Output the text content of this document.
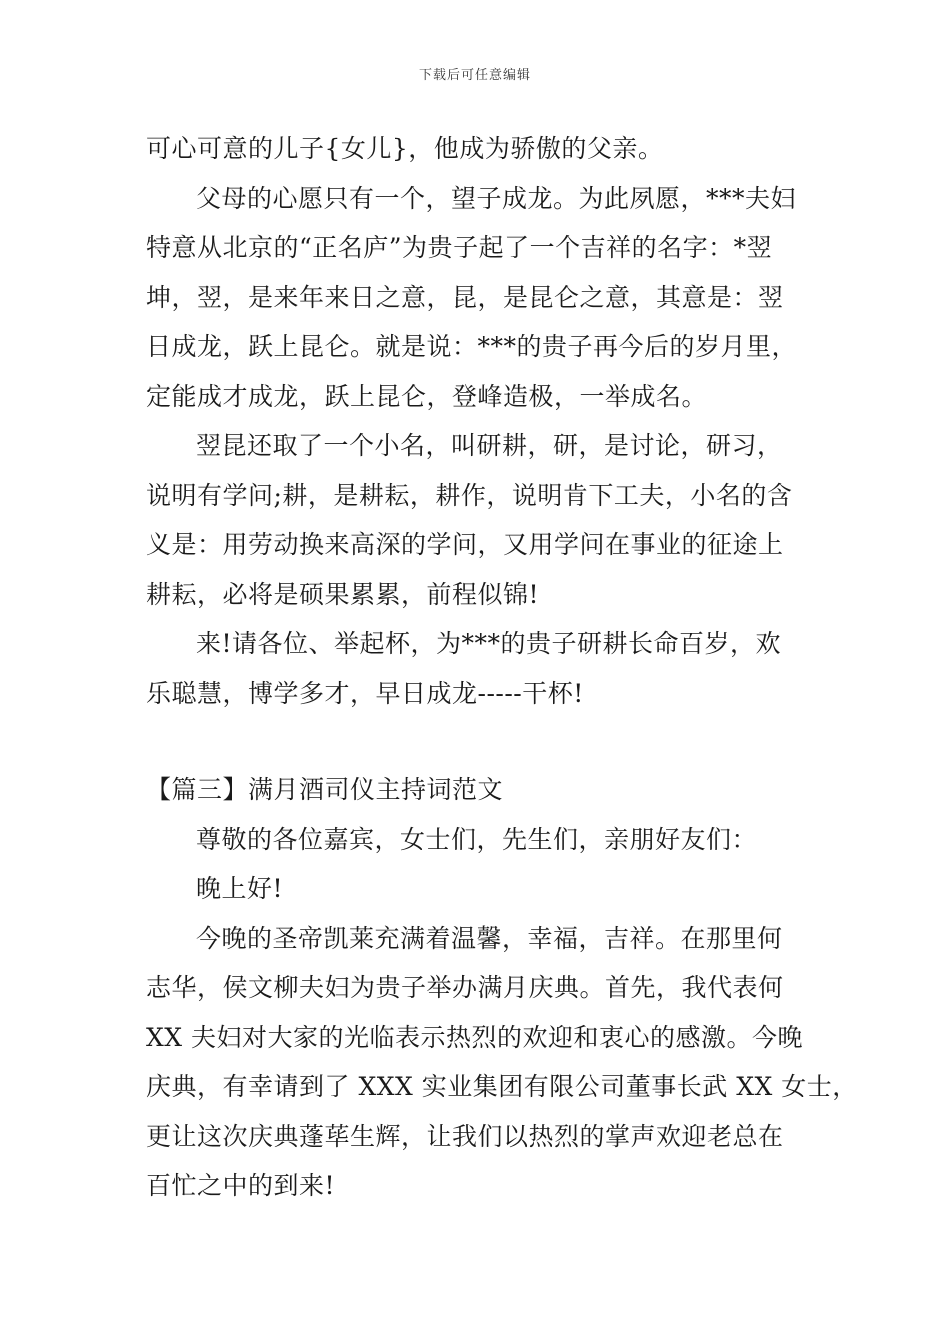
下载后可任意编辑
可心可意的儿子{女儿}，他成为骄傲的父亲。
父母的心愿只有一个，望子成龙。为此夙愿，***夫妇
特意从北京的“正名庐”为贵子起了一个吉祥的名字：*翌
坤，翌，是来年来日之意，昆，是昆仑之意，其意是：翌
日成龙，跃上昆仑。就是说：***的贵子再今后的岁月里，
定能成才成龙，跃上昆仑，登峰造极，一举成名。
翌昆还取了一个小名，叫研耕，研，是讨论，研习，
说明有学问;耕，是耕耘，耕作，说明肯下工夫，小名的含
义是：用劳动换来高深的学问，又用学问在事业的征途上
耕耘，必将是硕果累累，前程似锦!
来!请各位、举起杯，为***的贵子研耕长命百岁，欢
乐聪慧，博学多才，早日成龙-----干杯!
【篇三】满月酒司仪主持词范文
尊敬的各位嘉宾，女士们，先生们，亲朋好友们：
晚上好!
今晚的圣帝凯莱充满着温馨，幸福，吉祥。在那里何
志华，侯文柳夫妇为贵子举办满月庆典。首先，我代表何
XX 夫妇对大家的光临表示热烈的欢迎和衷心的感激。今晚
庆典，有幸请到了 XXX 实业集团有限公司董事长武 XX 女士，
更让这次庆典蓬荜生辉，让我们以热烈的掌声欢迎老总在
百忙之中的到来!
